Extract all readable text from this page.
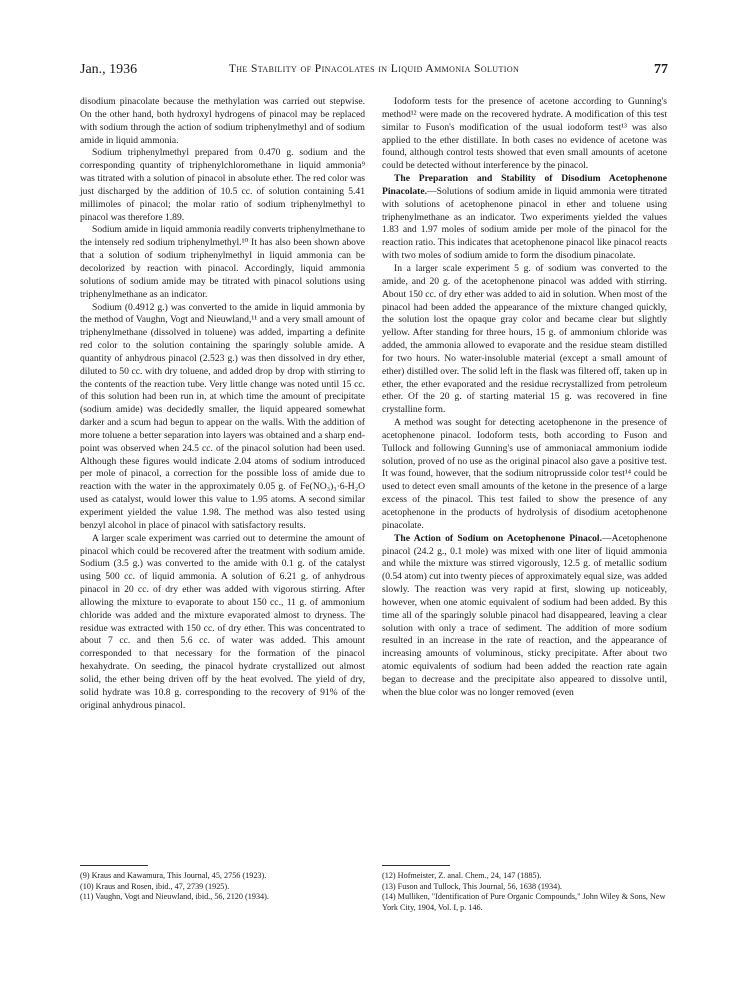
Jan., 1936	The Stability of Pinacolates in Liquid Ammonia Solution	77

disodium pinacolate because the methylation was carried out stepwise. On the other hand, both hydroxyl hydrogens of pinacol may be replaced with sodium through the action of sodium triphenylmethyl and of sodium amide in liquid ammonia.

Sodium triphenylmethyl prepared from 0.470 g. sodium and the corresponding quantity of triphenylchloromethane in liquid ammonia⁹ was titrated with a solution of pinacol in absolute ether. The red color was just discharged by the addition of 10.5 cc. of solution containing 5.41 millimoles of pinacol; the molar ratio of sodium triphenylmethyl to pinacol was therefore 1.89.

Sodium amide in liquid ammonia readily converts triphenylmethane to the intensely red sodium triphenylmethyl.¹⁰ It has also been shown above that a solution of sodium triphenylmethyl in liquid ammonia can be decolorized by reaction with pinacol. Accordingly, liquid ammonia solutions of sodium amide may be titrated with pinacol solutions using triphenylmethane as an indicator.

Sodium (0.4912 g.) was converted to the amide in liquid ammonia by the method of Vaughn, Vogt and Nieuwland,¹¹ and a very small amount of triphenylmethane (dissolved in toluene) was added, imparting a definite red color to the solution containing the sparingly soluble amide. A quantity of anhydrous pinacol (2.523 g.) was then dissolved in dry ether, diluted to 50 cc. with dry toluene, and added drop by drop with stirring to the contents of the reaction tube. Very little change was noted until 15 cc. of this solution had been run in, at which time the amount of precipitate (sodium amide) was decidedly smaller, the liquid appeared somewhat darker and a scum had begun to appear on the walls. With the addition of more toluene a better separation into layers was obtained and a sharp end-point was observed when 24.5 cc. of the pinacol solution had been used. Although these figures would indicate 2.04 atoms of sodium introduced per mole of pinacol, a correction for the possible loss of amide due to reaction with the water in the approximately 0.05 g. of Fe(NO₃)₃·6-H₂O used as catalyst, would lower this value to 1.95 atoms. A second similar experiment yielded the value 1.98. The method was also tested using benzyl alcohol in place of pinacol with satisfactory results.

A larger scale experiment was carried out to determine the amount of pinacol which could be recovered after the treatment with sodium amide. Sodium (3.5 g.) was converted to the amide with 0.1 g. of the catalyst using 500 cc. of liquid ammonia. A solution of 6.21 g. of anhydrous pinacol in 20 cc. of dry ether was added with vigorous stirring. After allowing the mixture to evaporate to about 150 cc., 11 g. of ammonium chloride was added and the mixture evaporated almost to dryness. The residue was extracted with 150 cc. of dry ether. This was concentrated to about 7 cc. and then 5.6 cc. of water was added. This amount corresponded to that necessary for the formation of the pinacol hexahydrate. On seeding, the pinacol hydrate crystallized out almost solid, the ether being driven off by the heat evolved. The yield of dry, solid hydrate was 10.8 g. corresponding to the recovery of 91% of the original anhydrous pinacol.

Iodoform tests for the presence of acetone according to Gunning's method¹² were made on the recovered hydrate. A modification of this test similar to Fuson's modification of the usual iodoform test¹³ was also applied to the ether distillate. In both cases no evidence of acetone was found, although control tests showed that even small amounts of acetone could be detected without interference by the pinacol.

The Preparation and Stability of Disodium Acetophenone Pinacolate.—Solutions of sodium amide in liquid ammonia were titrated with solutions of acetophenone pinacol in ether and toluene using triphenylmethane as an indicator. Two experiments yielded the values 1.83 and 1.97 moles of sodium amide per mole of the pinacol for the reaction ratio. This indicates that acetophenone pinacol like pinacol reacts with two moles of sodium amide to form the disodium pinacolate.

In a larger scale experiment 5 g. of sodium was converted to the amide, and 20 g. of the acetophenone pinacol was added with stirring. About 150 cc. of dry ether was added to aid in solution. When most of the pinacol had been added the appearance of the mixture changed quickly, the solution lost the opaque gray color and became clear but slightly yellow. After standing for three hours, 15 g. of ammonium chloride was added, the ammonia allowed to evaporate and the residue steam distilled for two hours. No water-insoluble material (except a small amount of ether) distilled over. The solid left in the flask was filtered off, taken up in ether, the ether evaporated and the residue recrystallized from petroleum ether. Of the 20 g. of starting material 15 g. was recovered in fine crystalline form.

A method was sought for detecting acetophenone in the presence of acetophenone pinacol. Iodoform tests, both according to Fuson and Tullock and following Gunning's use of ammoniacal ammonium iodide solution, proved of no use as the original pinacol also gave a positive test. It was found, however, that the sodium nitroprusside color test¹⁴ could be used to detect even small amounts of the ketone in the presence of a large excess of the pinacol. This test failed to show the presence of any acetophenone in the products of hydrolysis of disodium acetophenone pinacolate.

The Action of Sodium on Acetophenone Pinacol.—Acetophenone pinacol (24.2 g., 0.1 mole) was mixed with one liter of liquid ammonia and while the mixture was stirred vigorously, 12.5 g. of metallic sodium (0.54 atom) cut into twenty pieces of approximately equal size, was added slowly. The reaction was very rapid at first, slowing up noticeably, however, when one atomic equivalent of sodium had been added. By this time all of the sparingly soluble pinacol had disappeared, leaving a clear solution with only a trace of sediment. The addition of more sodium resulted in an increase in the rate of reaction, and the appearance of increasing amounts of voluminous, sticky precipitate. After about two atomic equivalents of sodium had been added the reaction rate again began to decrease and the precipitate also appeared to dissolve until, when the blue color was no longer removed (even

(9) Kraus and Kawamura, This Journal, 45, 2756 (1923).
(10) Kraus and Rosen, ibid., 47, 2739 (1925).
(11) Vaughn, Vogt and Nieuwland, ibid., 56, 2120 (1934).
(12) Hofmeister, Z. anal. Chem., 24, 147 (1885).
(13) Fuson and Tullock, This Journal, 56, 1638 (1934).
(14) Mulliken, "Identification of Pure Organic Compounds," John Wiley & Sons, New York City, 1904, Vol. I, p. 146.
